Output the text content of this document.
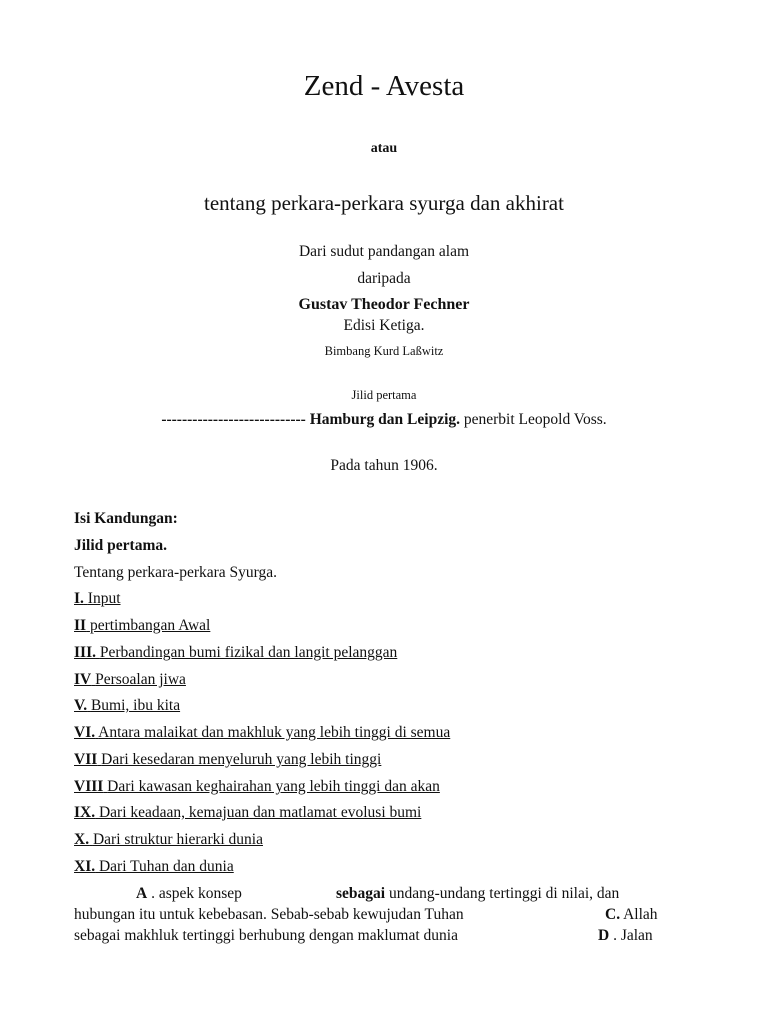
Zend - Avesta
atau
tentang perkara-perkara syurga dan akhirat
Dari sudut pandangan alam
daripada
Gustav Theodor Fechner
Edisi Ketiga.
Bimbang Kurd Laßwitz
Jilid pertama
---------------------------- Hamburg dan Leipzig. penerbit Leopold Voss.
Pada tahun 1906.
Isi Kandungan:
Jilid pertama.
Tentang perkara-perkara Syurga.
I. Input
II pertimbangan Awal
III. Perbandingan bumi fizikal dan langit pelanggan
IV Persoalan jiwa
V. Bumi, ibu kita
VI. Antara malaikat dan makhluk yang lebih tinggi di semua
VII Dari kesedaran menyeluruh yang lebih tinggi
VIII Dari kawasan keghairahan yang lebih tinggi dan akan
IX. Dari keadaan, kemajuan dan matlamat evolusi bumi
X. Dari struktur hierarki dunia
XI. Dari Tuhan dan dunia
A . aspek konsep	sebagai undang-undang tertinggi di nilai, dan
hubungan itu untuk kebebasan. Sebab-sebab kewujudan Tuhan	C. Allah
sebagai makhluk tertinggi berhubung dengan maklumat dunia	D . Jalan
